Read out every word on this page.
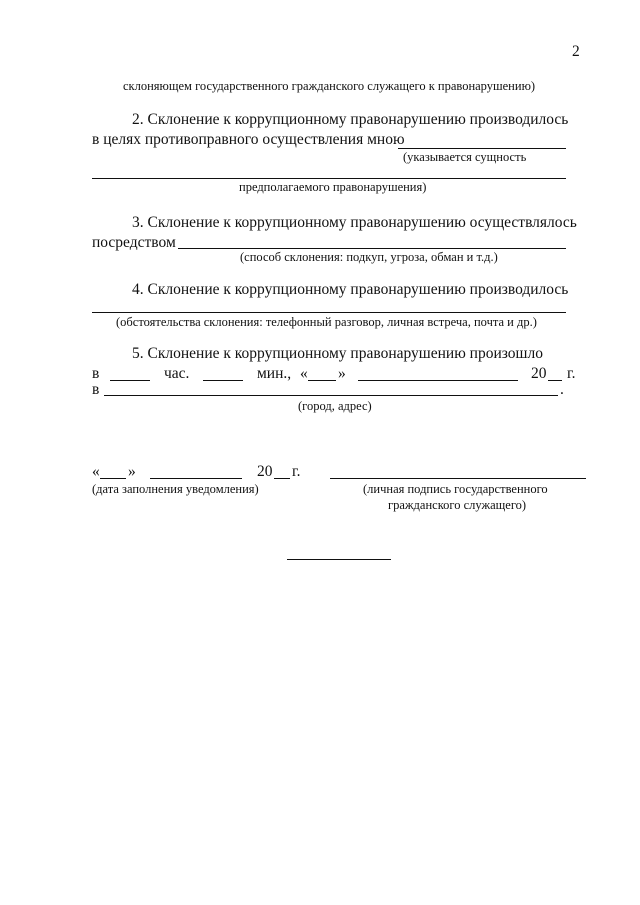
2
склоняющем государственного гражданского служащего к правонарушению)
2. Склонение к коррупционному правонарушению производилось
в целях противоправного осуществления мною
(указывается сущность
предполагаемого правонарушения)
3. Склонение к коррупционному правонарушению осуществлялось
посредством
(способ склонения: подкуп, угроза, обман и т.д.)
4. Склонение к коррупционному правонарушению производилось
(обстоятельства склонения: телефонный разговор, личная встреча, почта и др.)
5. Склонение к коррупционному правонарушению произошло
в	час.	мин., « »	20 г.
в	.
(город, адрес)
« »	20 г.
(дата заполнения уведомления)	(личная подпись государственного
гражданского служащего)
